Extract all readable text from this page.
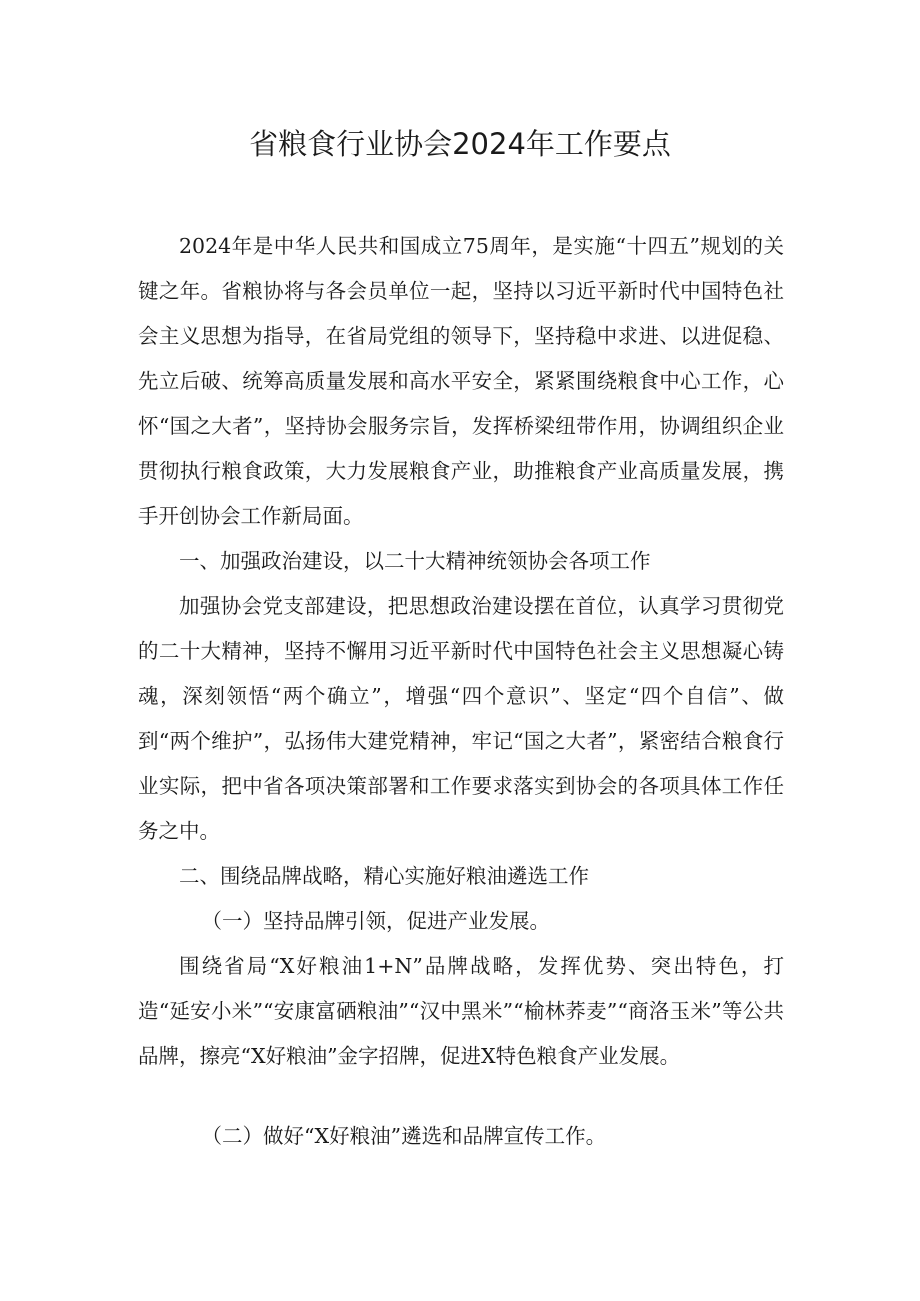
省粮食行业协会2024年工作要点

2024年是中华人民共和国成立75周年，是实施“十四五”规划的关键之年。省粮协将与各会员单位一起，坚持以习近平新时代中国特色社会主义思想为指导，在省局党组的领导下，坚持稳中求进、以进促稳、先立后破、统筹高质量发展和高水平安全，紧紧围绕粮食中心工作，心怀“国之大者”，坚持协会服务宗旨，发挥桥梁纽带作用，协调组织企业贯彻执行粮食政策，大力发展粮食产业，助推粮食产业高质量发展，携手开创协会工作新局面。

一、加强政治建设，以二十大精神统领协会各项工作

加强协会党支部建设，把思想政治建设摆在首位，认真学习贯彻党的二十大精神，坚持不懈用习近平新时代中国特色社会主义思想凝心铸魂，深刻领悟“两个确立”，增强“四个意识”、坚定“四个自信”、做到“两个维护”，弘扬伟大建党精神，牢记“国之大者”，紧密结合粮食行业实际，把中省各项决策部署和工作要求落实到协会的各项具体工作任务之中。

二、围绕品牌战略，精心实施好粮油遴选工作

（一）坚持品牌引领，促进产业发展。

围绕省局“X好粮油1+N”品牌战略，发挥优势、突出特色，打造“延安小米”“安康富硒粮油”“汉中黑米”“榆林荞麦”“商洛玉米”等公共品牌，擦亮“X好粮油”金字招牌，促进X特色粮食产业发展。

（二）做好“X好粮油”遴选和品牌宣传工作。
